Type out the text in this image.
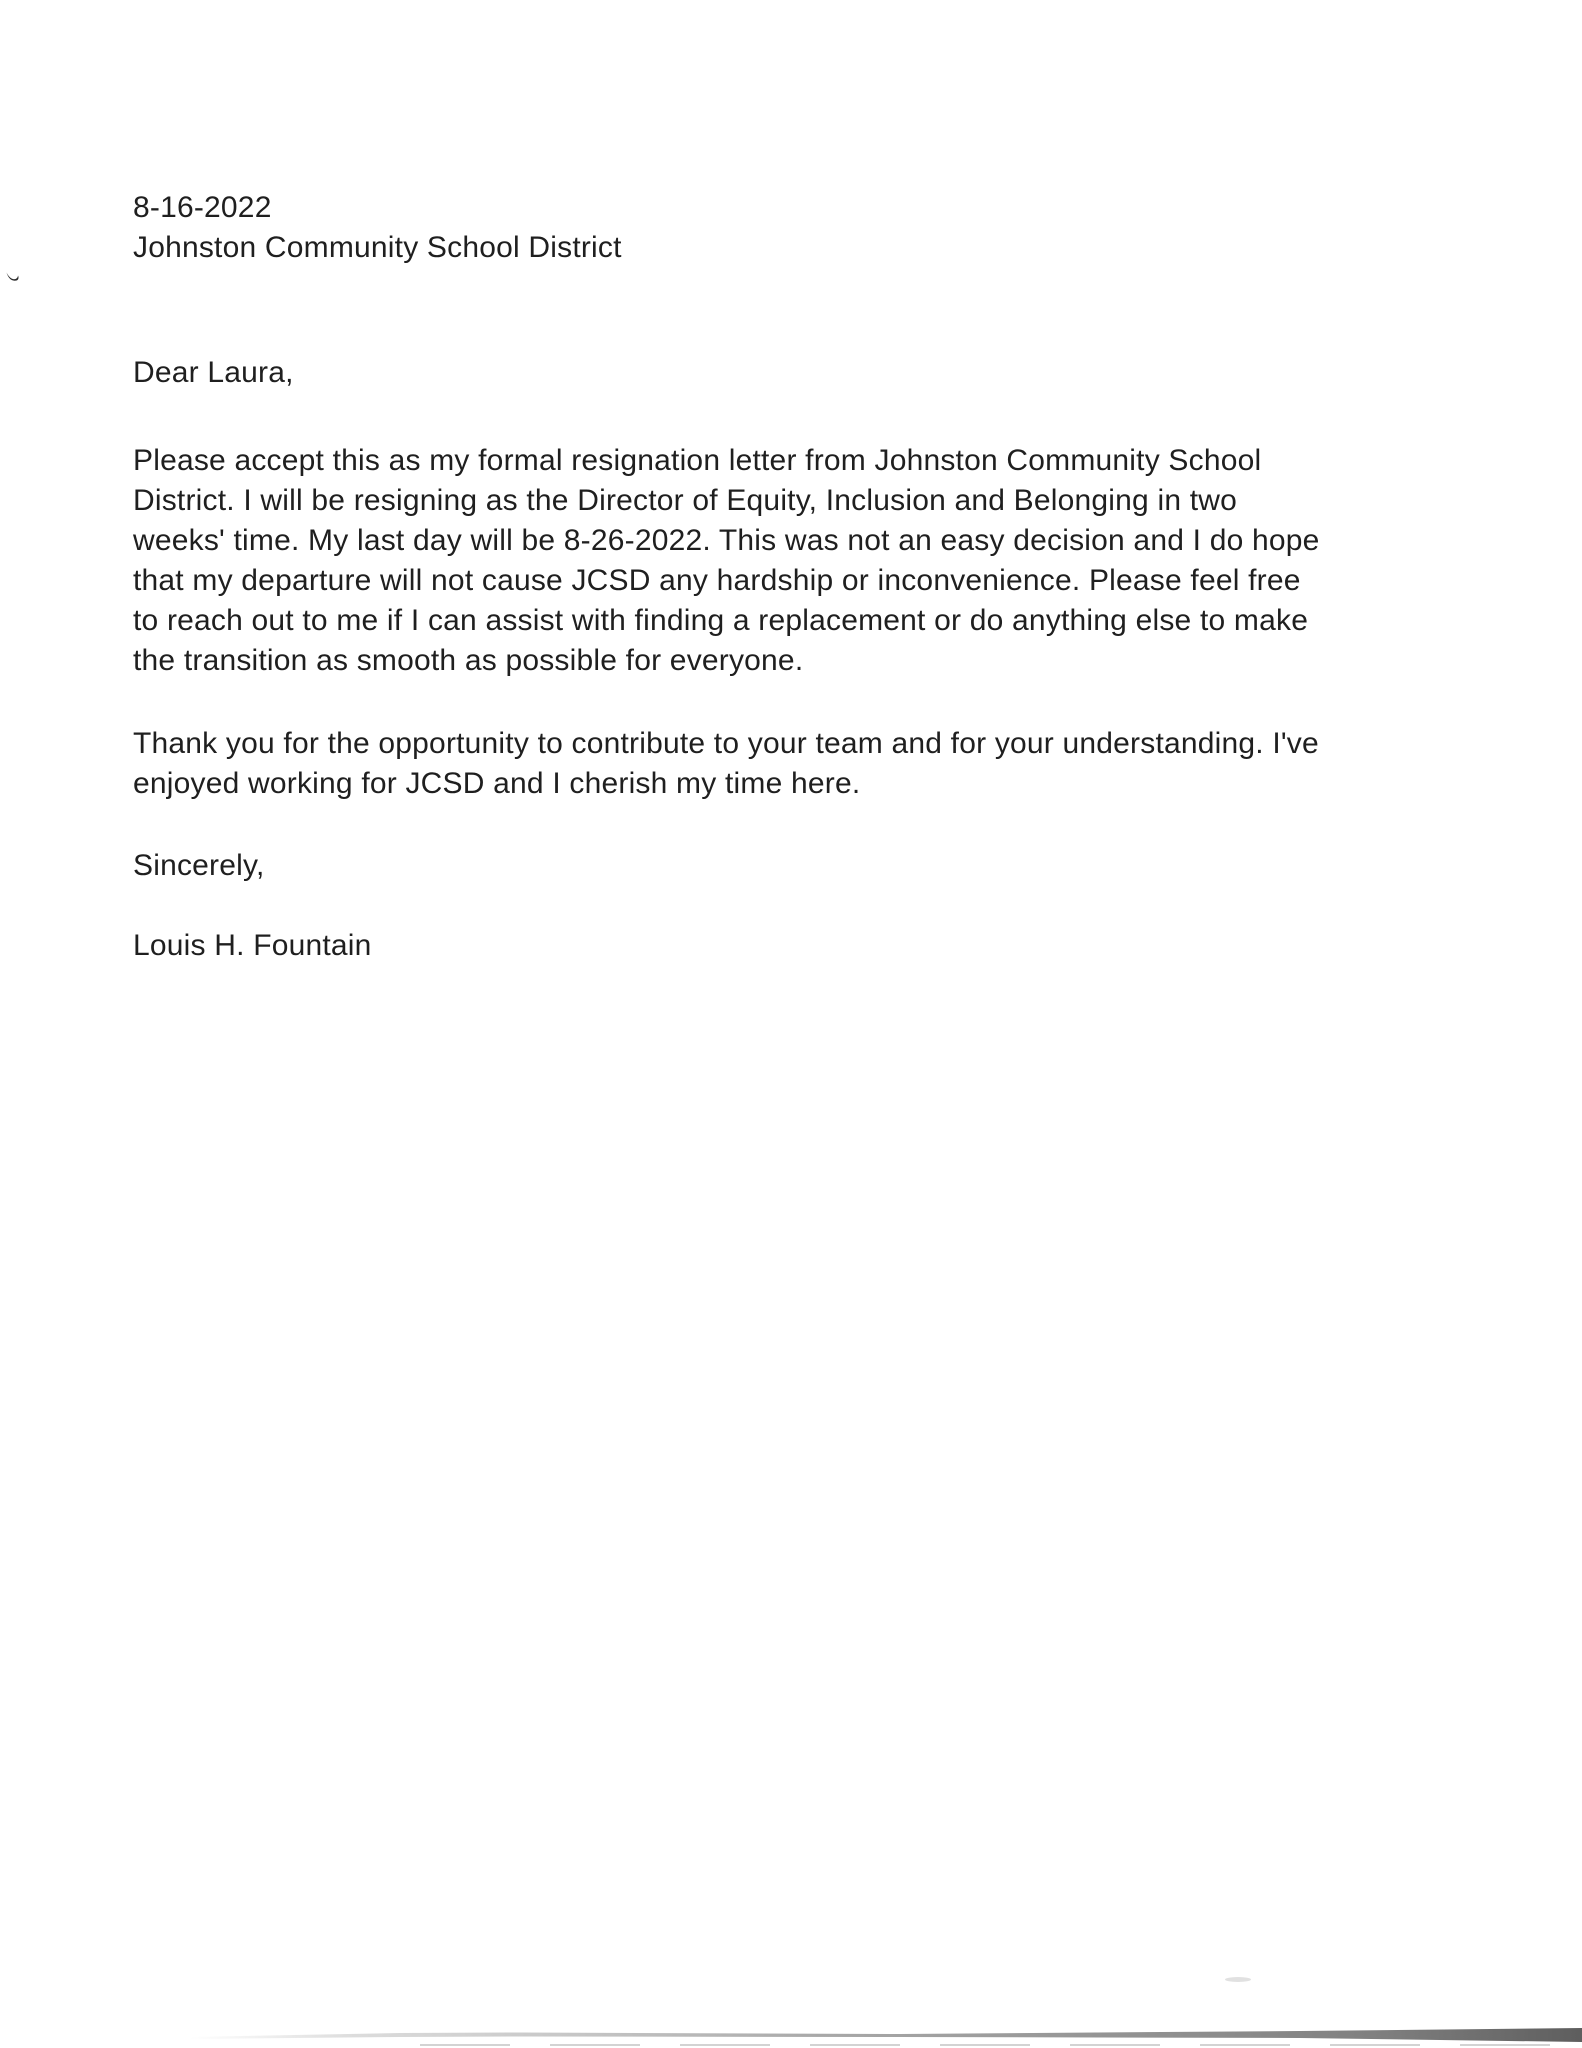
8-16-2022
Johnston Community School District
Dear Laura,
Please accept this as my formal resignation letter from Johnston Community School
District. I will be resigning as the Director of Equity, Inclusion and Belonging in two
weeks' time. My last day will be 8-26-2022. This was not an easy decision and I do hope
that my departure will not cause JCSD any hardship or inconvenience. Please feel free
to reach out to me if I can assist with finding a replacement or do anything else to make
the transition as smooth as possible for everyone.
Thank you for the opportunity to contribute to your team and for your understanding. I've
enjoyed working for JCSD and I cherish my time here.
Sincerely,
Louis H. Fountain
